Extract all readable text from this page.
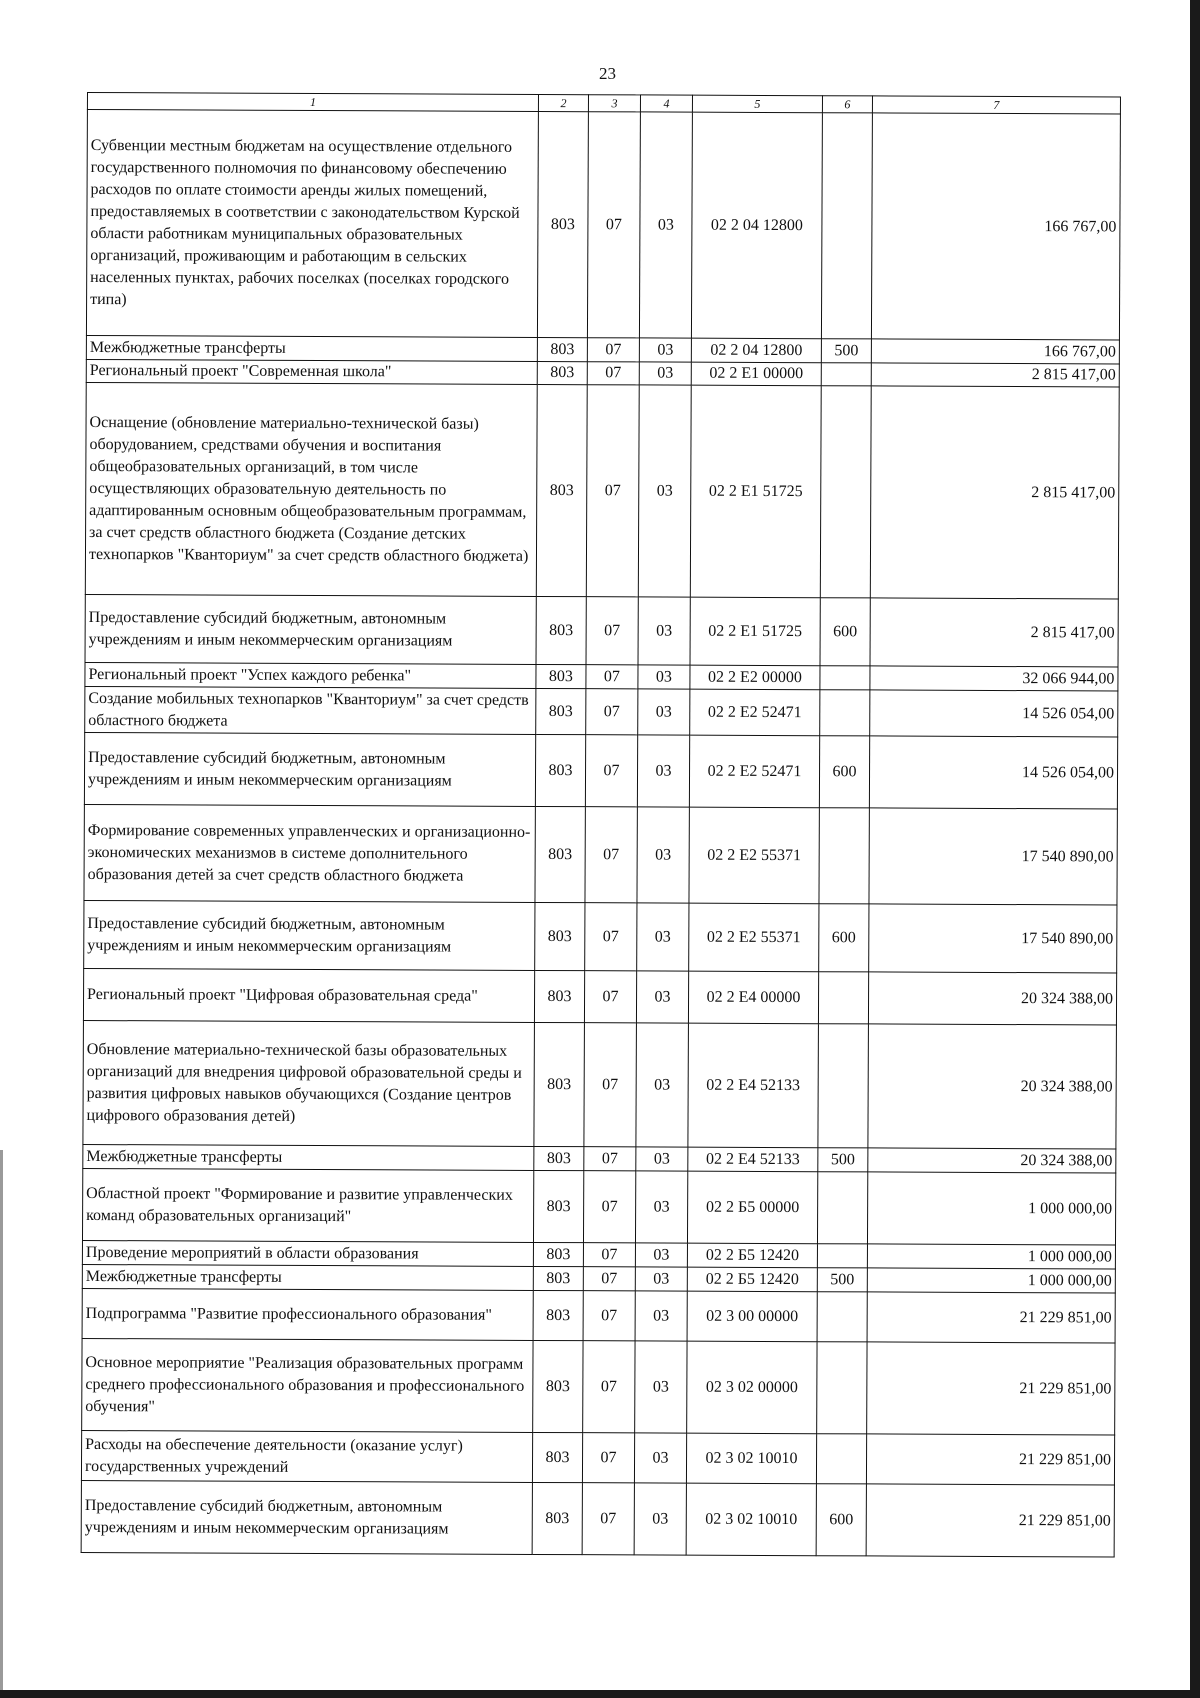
23
1	2	3	4	5	6	7
Субвенции местным бюджетам на осуществление отдельного государственного полномочия по финансовому обеспечению расходов по оплате стоимости аренды жилых помещений, предоставляемых в соответствии с законодательством Курской области работникам муниципальных образовательных организаций, проживающим и работающим в сельских населенных пунктах, рабочих поселках (поселках городского типа)	803	07	03	02 2 04 12800		166 767,00
Межбюджетные трансферты	803	07	03	02 2 04 12800	500	166 767,00
Региональный проект "Современная школа"	803	07	03	02 2 E1 00000		2 815 417,00
Оснащение (обновление материально-технической базы) оборудованием, средствами обучения и воспитания общеобразовательных организаций, в том числе осуществляющих образовательную деятельность по адаптированным основным общеобразовательным программам, за счет средств областного бюджета (Создание детских технопарков "Кванториум" за счет средств областного бюджета)	803	07	03	02 2 E1 51725		2 815 417,00
Предоставление субсидий бюджетным, автономным учреждениям и иным некоммерческим организациям	803	07	03	02 2 E1 51725	600	2 815 417,00
Региональный проект "Успех каждого ребенка"	803	07	03	02 2 E2 00000		32 066 944,00
Создание мобильных технопарков "Кванториум" за счет средств областного бюджета	803	07	03	02 2 E2 52471		14 526 054,00
Предоставление субсидий бюджетным, автономным учреждениям и иным некоммерческим организациям	803	07	03	02 2 E2 52471	600	14 526 054,00
Формирование современных управленческих и организационно-экономических механизмов в системе дополнительного образования детей за счет средств областного бюджета	803	07	03	02 2 E2 55371		17 540 890,00
Предоставление субсидий бюджетным, автономным учреждениям и иным некоммерческим организациям	803	07	03	02 2 E2 55371	600	17 540 890,00
Региональный проект "Цифровая образовательная среда"	803	07	03	02 2 E4 00000		20 324 388,00
Обновление материально-технической базы образовательных организаций для внедрения цифровой образовательной среды и развития цифровых навыков обучающихся (Создание центров цифрового образования детей)	803	07	03	02 2 E4 52133		20 324 388,00
Межбюджетные трансферты	803	07	03	02 2 E4 52133	500	20 324 388,00
Областной проект "Формирование и развитие управленческих команд образовательных организаций"	803	07	03	02 2 Б5 00000		1 000 000,00
Проведение мероприятий в области образования	803	07	03	02 2 Б5 12420		1 000 000,00
Межбюджетные трансферты	803	07	03	02 2 Б5 12420	500	1 000 000,00
Подпрограмма "Развитие профессионального образования"	803	07	03	02 3 00 00000		21 229 851,00
Основное мероприятие "Реализация образовательных программ среднего профессионального образования и профессионального обучения"	803	07	03	02 3 02 00000		21 229 851,00
Расходы на обеспечение деятельности (оказание услуг) государственных учреждений	803	07	03	02 3 02 10010		21 229 851,00
Предоставление субсидий бюджетным, автономным учреждениям и иным некоммерческим организациям	803	07	03	02 3 02 10010	600	21 229 851,00
